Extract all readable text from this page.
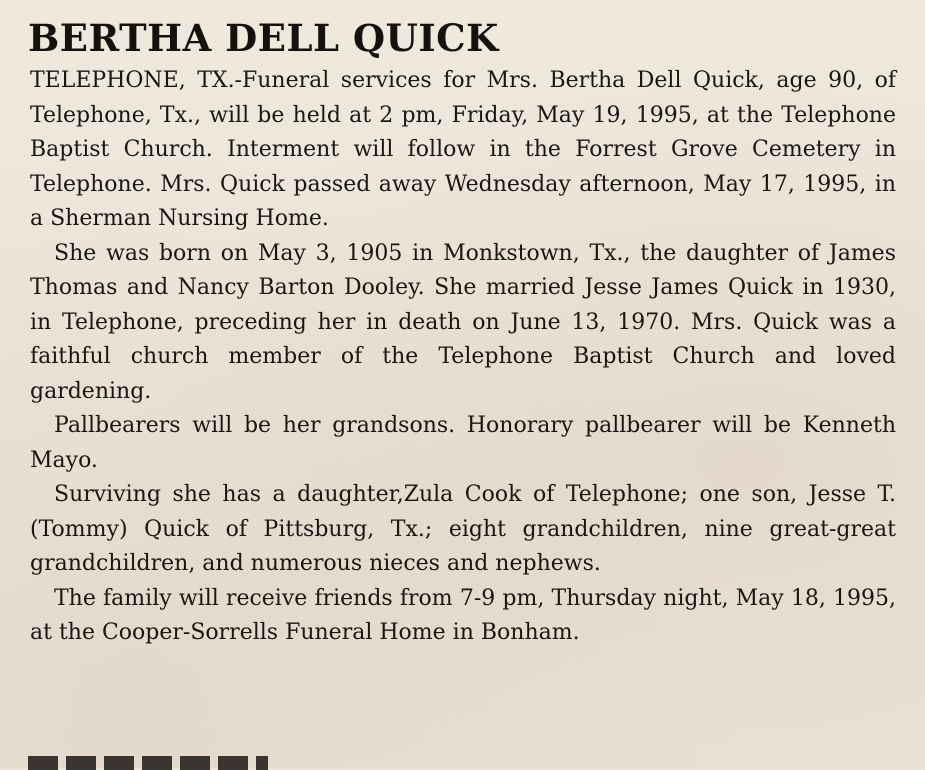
BERTHA DELL QUICK

TELEPHONE, TX.-Funeral services for Mrs. Bertha Dell Quick, age 90, of Telephone, Tx., will be held at 2 pm, Friday, May 19, 1995, at the Telephone Baptist Church. Interment will follow in the Forrest Grove Cemetery in Telephone. Mrs. Quick passed away Wednesday afternoon, May 17, 1995, in a Sherman Nursing Home.

She was born on May 3, 1905 in Monkstown, Tx., the daughter of James Thomas and Nancy Barton Dooley. She married Jesse James Quick in 1930, in Telephone, preceding her in death on June 13, 1970. Mrs. Quick was a faithful church member of the Telephone Baptist Church and loved gardening.

Pallbearers will be her grandsons. Honorary pallbearer will be Kenneth Mayo.

Surviving she has a daughter,Zula Cook of Telephone; one son, Jesse T. (Tommy) Quick of Pittsburg, Tx.; eight grandchildren, nine great-great grandchildren, and numerous nieces and nephews.

The family will receive friends from 7-9 pm, Thursday night, May 18, 1995, at the Cooper-Sorrells Funeral Home in Bonham.
